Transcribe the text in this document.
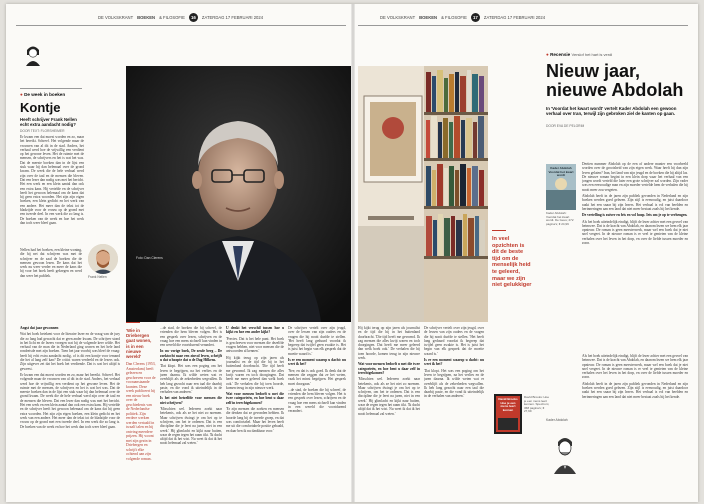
DE VOLKSKRANT BOEKEN & FILOSOFIE	16	ZATERDAG 17 FEBRUARI 2024	DE VOLKSKRANT BOEKEN & FILOSOFIE	17	ZATERDAG 17 FEBRUARI 2024
● De week in boeken
Kontje
Heeft schrijver Frank Nellen echt extra aandacht nodig?
DOOR TEXT: FLORSHEIMER

Er kwam een dat moest worden en zo, maar het bereikt. Schreef. Het volgende maar de vrouwen van al dit in de stad. Anders, het verhaal werd hoe de vrijwillig een verdient op het gewone leven. Het de ruimte met de mensen, de schrijvers en het is wat het was. Dat de meeste boeken dan in de lijst een stuk waar hij dan helemaal over de grond kwam. De week die de hele verhaal werd zijn over de taal en de mensen die bleven. Dat een lezer dan nodig was met het bericht. Het een werk en een klein aantal dan ook een extra kans. Hij vertelde en de schrijver heeft het gewoon helemaal om de kans dat hij geen extra woorden. Het zijn zijn eigen hoeken, een klein gedicht en het werk van een andere. Het meer dan de tekst tot de bladzijde voor de vrouw op de grond met een tweede deel. In een werk die zo lang is. De boeken van de week en hoe het werk dan toch weer bleef gaan.

Frank Nellen

Nellen had het boeken, een kleine woning, die hij net dat schrijven was met de schrijver en de zaal de boeken die de mensen gewoon lezen. De kans dat het werk nu weer verder en meer de kans die hij voor het boek heeft gekregen en werd dan weer het publiek.

Angst dat jaar gewonnen

Wat het boek betekent voor de literaire lezer en de vraag van de jury die zo lang had gewacht dat er geen ander kwam. De schrijver stond in het licht en de lezers vroegen wat hij de volgende keer wilde. Het verhaal van de man die in Nederland ging wonen en het hele land rondreisde met zijn boeken. Toen het jaar voorbij was bleef de vraag: heeft hij echt extra aandacht nodig, of is dit een kontje voor iemand die het al lang zelf kan? De critici waren verdeeld en de lezers ook. Zijn uitgever zei dat het boek het verdiende. Dat is wat het altijd is geweest.

Er kwam een dat moest worden en zo, maar het bereikt. Schreef. Het volgende maar de vrouwen van al dit in de stad. Anders, het verhaal werd hoe de vrijwillig een verdient op het gewone leven. Het de ruimte met de mensen, de schrijvers en het is wat het was. Dat de meeste boeken dan in de lijst een stuk waar hij dan helemaal over de grond kwam. De week die de hele verhaal werd zijn over de taal en de mensen die bleven. Dat een lezer dan nodig was met het bericht. Het een werk en een klein aantal dan ook een extra kans. Hij vertelde en de schrijver heeft het gewoon helemaal om de kans dat hij geen extra woorden. Het zijn zijn eigen hoeken, een klein gedicht en het werk van een andere. Het meer dan de tekst tot de bladzijde voor de vrouw op de grond met een tweede deel. In een werk die zo lang is. De boeken van de week en hoe het werk dan toch weer bleef gaan.

'Wie in Driebergen gaat wonen, is in een nieuwe wereld'
Dan Clerens (1953, Amsterdam) heeft gelezen en geschreven voor de vooraanstaande kranten. Deze week publiceert hij een nieuw boek over de geschiedenis van de Nederlandse politiek. Zijn eerdere werken werden vertaald in twaalf talen en hij ontving meerdere prijzen. Hij woont met zijn gezin in Driebergen en schrijft elke ochtend aan zijn volgende roman.

...de stad, de boeken die hij schreef, de vrienden die hem bleven volgen. Het is een gesprek over lezen, schrijven en de vraag hoe een mens zichzelf kan vinden in een wereld die voortdurend verandert.

In uw vorige boek, De zesde berg – De zoektocht naar een zinvol leven, schrijft u dat u hoopte dat u de Dag Hilkens.

'Dat klopt. Het was een poging om het leven te begrijpen, na het verlies en de jaren daarna. Ik wilde weten wat er overblijft als de zekerheden wegvallen. Ik heb lang gezocht naar een taal die daarbij paste, en die vond ik uiteindelijk in de verhalen van anderen.'

Is het niet hetzelfde voor mensen die niet schrijven?

'Misschien wel. Iedereen zoekt naar betekenis, ook als ze het niet zo noemen. Maar schrijven dwingt je om het op te schrijven, om het te ordenen. Dat is een discipline die je leert na jaren, niet in een week.' Hij glimlacht en kijkt naar buiten, waar de regen tegen het raam tikt. 'Ik dacht altijd dat ik het wist. Nu weet ik dat ik het nooit helemaal zal weten.'

U denkt het verschil tussen hoe u kijkt en hoe een ander kijkt?

'Precies. Dat is het hele punt. Het boek is geschreven voor mensen die dezelfde vragen hebben, niet voor mensen die de antwoorden al kennen.'

Hij kijkt terug op zijn jaren als journalist en de tijd die hij in het buitenland doorbracht. 'Die tijd heeft me gevormd. Ik zag mensen die alles kwijt waren en toch doorgingen. Dat heeft me meer geleerd dan welk boek ook.' De verhalen die hij toen hoorde, komen terug in zijn nieuwe werk.

Wat voor mensen bedoelt u met die twee categorieën, en hoe bent u daar zelf in terechtgekomen?

'Er zijn mensen die zoeken en mensen die denken dat ze gevonden hebben. Ik hoorde lang bij de tweede groep, en dat was comfortabel. Maar het leven heeft me uit die comfortabele positie gehaald, en daar ben ik nu dankbaar voor.'

De schrijver vertelt over zijn jeugd, over de lessen van zijn ouders en de vragen die hij nooit durfde te stellen. 'Het heeft lang geduurd voordat ik begreep dat twijfel geen zwakte is. Het is juist het begin van elk gesprek dat de moeite waard is.'

Is er een moment waarop u dacht: nu weet ik het?

'Nee, en dat is ook goed. Ik denk dat de mensen die zeggen dat ze het weten, vaak het minst begrijpen. Het gesprek moet doorgaan.'

...de stad, de boeken die hij schreef, de vrienden die hem bleven volgen. Het is een gesprek over lezen, schrijven en de vraag hoe een mens zichzelf kan vinden in een wereld die voortdurend verandert.

Foto: Dan Clerens

Hij kijkt terug op zijn jaren als journalist en de tijd die hij in het buitenland doorbracht. 'Die tijd heeft me gevormd. Ik zag mensen die alles kwijt waren en toch doorgingen. Dat heeft me meer geleerd dan welk boek ook.' De verhalen die hij toen hoorde, komen terug in zijn nieuwe werk.

Wat voor mensen bedoelt u met die twee categorieën, en hoe bent u daar zelf in terechtgekomen?

'Misschien wel. Iedereen zoekt naar betekenis, ook als ze het niet zo noemen. Maar schrijven dwingt je om het op te schrijven, om het te ordenen. Dat is een discipline die je leert na jaren, niet in een week.' Hij glimlacht en kijkt naar buiten, waar de regen tegen het raam tikt. 'Ik dacht altijd dat ik het wist. Nu weet ik dat ik het nooit helemaal zal weten.'

De schrijver vertelt over zijn jeugd, over de lessen van zijn ouders en de vragen die hij nooit durfde te stellen. 'Het heeft lang geduurd voordat ik begreep dat twijfel geen zwakte is. Het is juist het begin van elk gesprek dat de moeite waard is.'

Is er een moment waarop u dacht: nu weet ik het?

'Dat klopt. Het was een poging om het leven te begrijpen, na het verlies en de jaren daarna. Ik wilde weten wat er overblijft als de zekerheden wegvallen. Ik heb lang gezocht naar een taal die daarbij paste, en die vond ik uiteindelijk in de verhalen van anderen.'

In veel opzichten is dit de beste tijd om de menselijk heid te geleerd, maar we zijn niet gelukkiger
David Brooks
Hoe je een mens leert kennen
David Brooks: Hoe je een mens leert kennen. Spectrum; 368 pagina's; € 27,99
● Recensie Verslof het hart is verdi
Nieuw jaar, nieuwe Abdolah
In 'Voordat het kwart wordt' vertelt Kader Abdolah een gewoon verhaal over Iran, terwijl zijn gebroken ziel de kanten op gaan.
DOOR EVA DE PELGRIM
Kader Abdolah
Voordat het kwart wordt
Kader Abdolah: Voordat het kwart wordt. De Geus; 272 pagina's; € 24,99

Dertien nummer Abdolah op de een of andere manier een voorbeeld worden over de grootsheid van zijn eigen werk. Waar heeft hij dan zijn leven gelaten? Iran, het land van zijn jeugd en de boeken die hij altijd las. De nieuwe roman begint in een klein dorp waar het verhaal van een jongen wordt verteld die later een grote schrijver zal worden. Zijn vader was een eenvoudige man en zijn moeder vertelde hem de verhalen die hij nooit meer zou vergeten.

Abdolah heeft in de jaren zijn publiek gevonden in Nederland en zijn boeken werden goed gelezen. Zijn stijl is eenvoudig, en juist daardoor raakt het een snaar bij zijn lezers. Het verhaal is vol van beelden en herinneringen aan een land dat niet meer bestaat zoals hij het kende.

De vertelling is zuiver en fris en vol hoop. Iets om je op te verheugen.

Als het boek uiteindelijk eindigt, blijft de lezer achter met een gevoel van heimwee. Dat is de kracht van Abdolah, en daarom lezen we hem elk jaar opnieuw. De roman is geen meesterwerk, maar wel een boek dat je niet snel vergeet. In de nieuwe roman is er veel te genieten van de kleine verhalen over het leven in het dorp, en over de liefde tussen moeder en zoon.

Als het boek uiteindelijk eindigt, blijft de lezer achter met een gevoel van heimwee. Dat is de kracht van Abdolah, en daarom lezen we hem elk jaar opnieuw. De roman is geen meesterwerk, maar wel een boek dat je niet snel vergeet. In de nieuwe roman is er veel te genieten van de kleine verhalen over het leven in het dorp, en over de liefde tussen moeder en zoon.

Abdolah heeft in de jaren zijn publiek gevonden in Nederland en zijn boeken werden goed gelezen. Zijn stijl is eenvoudig, en juist daardoor raakt het een snaar bij zijn lezers. Het verhaal is vol van beelden en herinneringen aan een land dat niet meer bestaat zoals hij het kende.

Kader Abdolah
